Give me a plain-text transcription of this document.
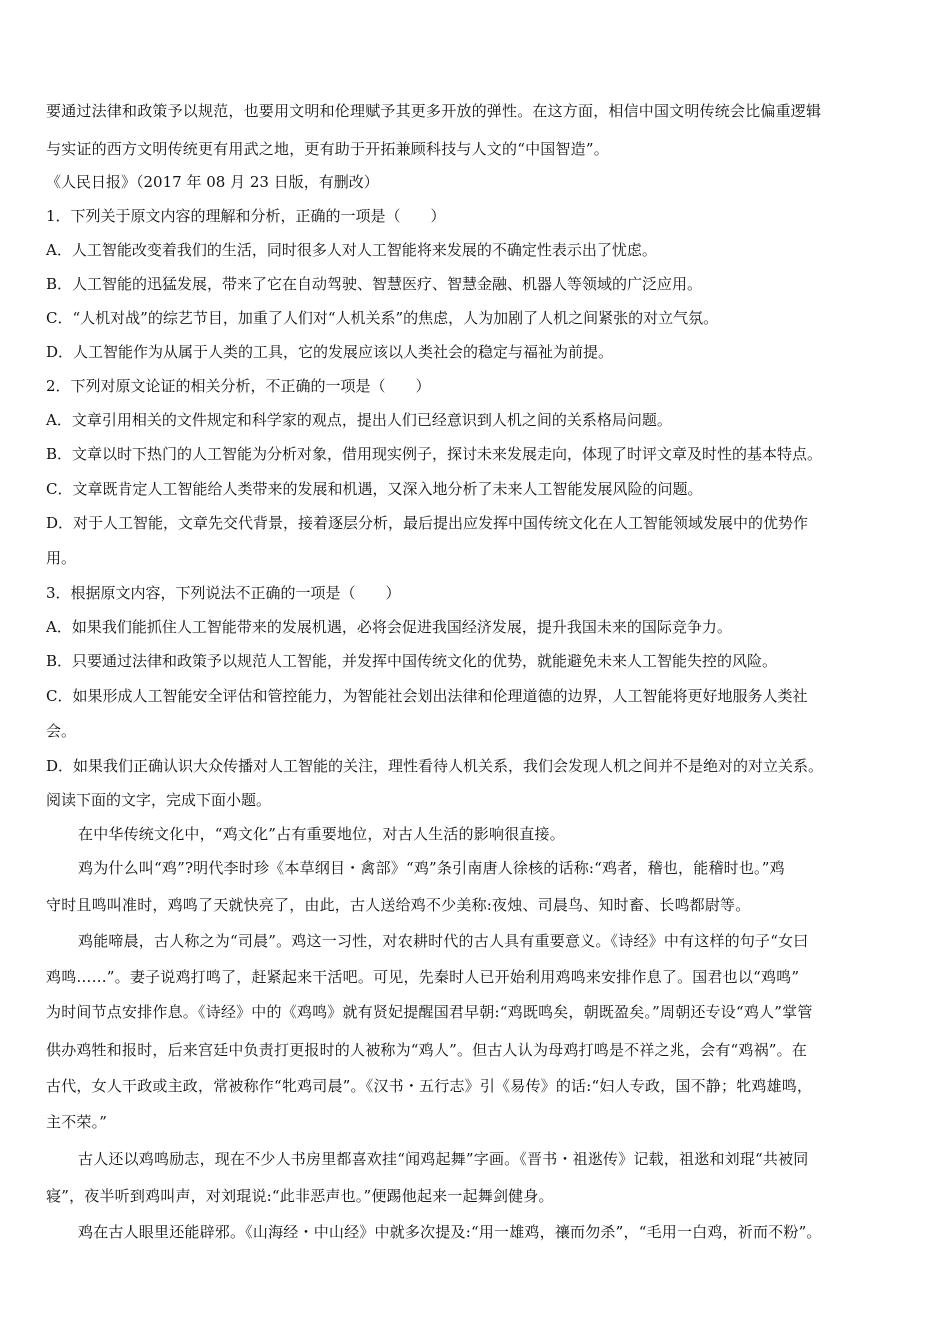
要通过法律和政策予以规范，也要用文明和伦理赋予其更多开放的弹性。在这方面，相信中国文明传统会比偏重逻辑
与实证的西方文明传统更有用武之地，更有助于开拓兼顾科技与人文的“中国智造”。
《人民日报》（2017 年 08 月 23 日版，有删改）
1．下列关于原文内容的理解和分析，正确的一项是（　　）
A．人工智能改变着我们的生活，同时很多人对人工智能将来发展的不确定性表示出了忧虑。
B．人工智能的迅猛发展，带来了它在自动驾驶、智慧医疗、智慧金融、机器人等领域的广泛应用。
C．“人机对战”的综艺节目，加重了人们对“人机关系”的焦虑，人为加剧了人机之间紧张的对立气氛。
D．人工智能作为从属于人类的工具，它的发展应该以人类社会的稳定与福祉为前提。
2．下列对原文论证的相关分析，不正确的一项是（　　）
A．文章引用相关的文件规定和科学家的观点，提出人们已经意识到人机之间的关系格局问题。
B．文章以时下热门的人工智能为分析对象，借用现实例子，探讨未来发展走向，体现了时评文章及时性的基本特点。
C．文章既肯定人工智能给人类带来的发展和机遇，又深入地分析了未来人工智能发展风险的问题。
D．对于人工智能，文章先交代背景，接着逐层分析，最后提出应发挥中国传统文化在人工智能领域发展中的优势作
用。
3．根据原文内容，下列说法不正确的一项是（　　）
A．如果我们能抓住人工智能带来的发展机遇，必将会促进我国经济发展，提升我国未来的国际竞争力。
B．只要通过法律和政策予以规范人工智能，并发挥中国传统文化的优势，就能避免未来人工智能失控的风险。
C．如果形成人工智能安全评估和管控能力，为智能社会划出法律和伦理道德的边界，人工智能将更好地服务人类社
会。
D．如果我们正确认识大众传播对人工智能的关注，理性看待人机关系，我们会发现人机之间并不是绝对的对立关系。
阅读下面的文字，完成下面小题。
在中华传统文化中，“鸡文化”占有重要地位，对古人生活的影响很直接。
鸡为什么叫“鸡”?明代李时珍《本草纲目・禽部》“鸡”条引南唐人徐核的话称:“鸡者，稽也，能稽时也。”鸡
守时且鸣叫准时，鸡鸣了天就快亮了，由此，古人送给鸡不少美称:夜烛、司晨鸟、知时畜、长鸣都尉等。
鸡能啼晨，古人称之为“司晨”。鸡这一习性，对农耕时代的古人具有重要意义。《诗经》中有这样的句子“女曰
鸡鸣……”。妻子说鸡打鸣了，赶紧起来干活吧。可见，先秦时人已开始利用鸡鸣来安排作息了。国君也以“鸡鸣”
为时间节点安排作息。《诗经》中的《鸡鸣》就有贤妃提醒国君早朝:“鸡既鸣矣，朝既盈矣。”周朝还专设“鸡人”掌管
供办鸡牲和报时，后来宫廷中负责打更报时的人被称为“鸡人”。但古人认为母鸡打鸣是不祥之兆，会有“鸡祸”。在
古代，女人干政或主政，常被称作“牝鸡司晨”。《汉书・五行志》引《易传》的话:“妇人专政，国不静；牝鸡雄鸣，
主不荣。”
古人还以鸡鸣励志，现在不少人书房里都喜欢挂“闻鸡起舞”字画。《晋书・祖逖传》记载，祖逖和刘琨“共被同
寝”，夜半听到鸡叫声，对刘琨说:“此非恶声也。”便踢他起来一起舞剑健身。
鸡在古人眼里还能辟邪。《山海经・中山经》中就多次提及:“用一雄鸡，禳而勿杀”，“毛用一白鸡，祈而不粉”。
